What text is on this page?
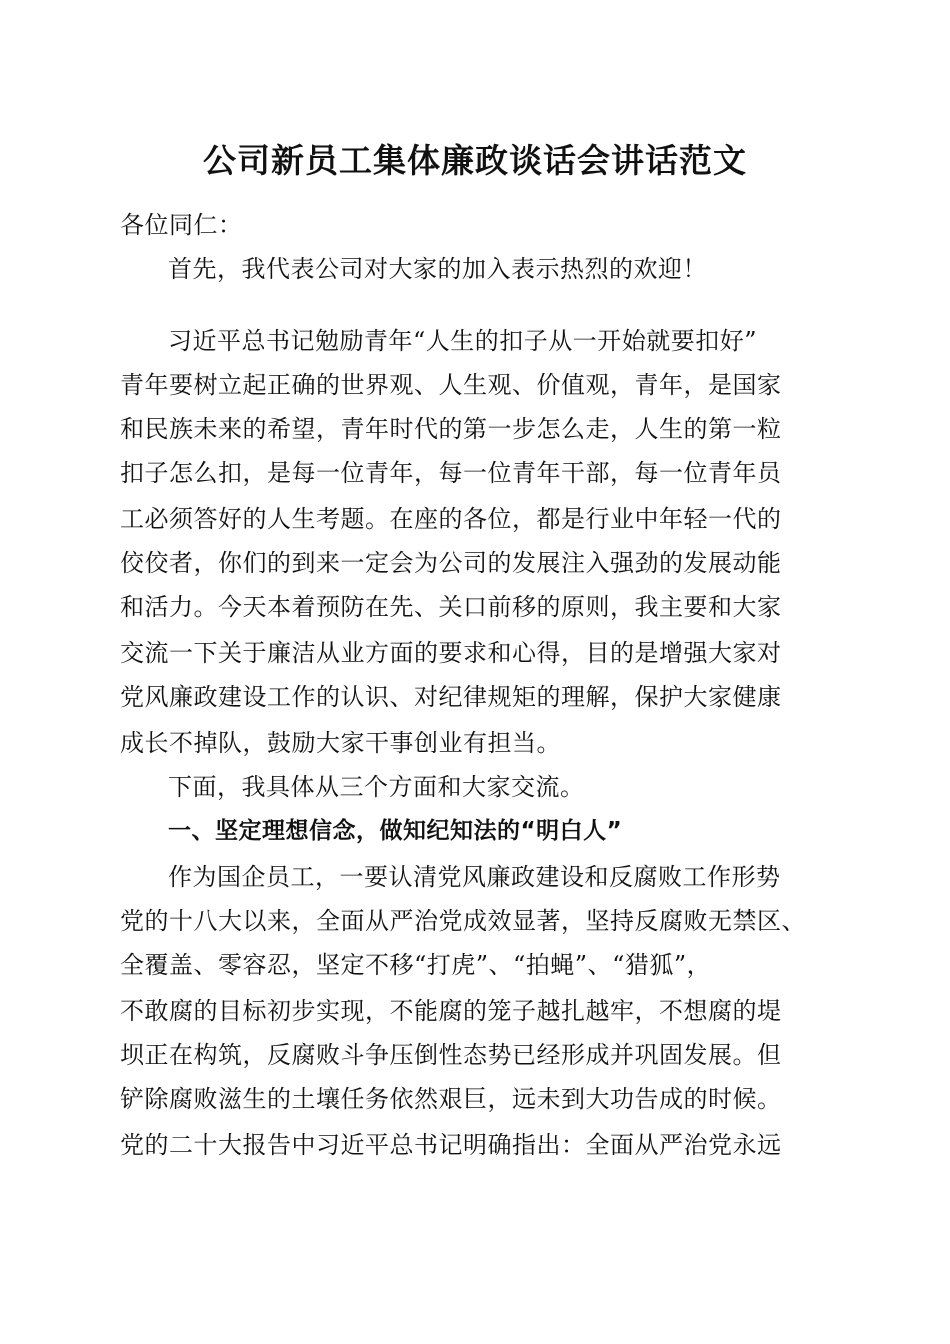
公司新员工集体廉政谈话会讲话范文

各位同仁：

首先，我代表公司对大家的加入表示热烈的欢迎！

习近平总书记勉励青年“人生的扣子从一开始就要扣好”

青年要树立起正确的世界观、人生观、价值观，青年，是国家

和民族未来的希望，青年时代的第一步怎么走，人生的第一粒

扣子怎么扣，是每一位青年，每一位青年干部，每一位青年员

工必须答好的人生考题。在座的各位，都是行业中年轻一代的

佼佼者，你们的到来一定会为公司的发展注入强劲的发展动能

和活力。今天本着预防在先、关口前移的原则，我主要和大家

交流一下关于廉洁从业方面的要求和心得，目的是增强大家对

党风廉政建设工作的认识、对纪律规矩的理解，保护大家健康

成长不掉队，鼓励大家干事创业有担当。

下面，我具体从三个方面和大家交流。

一、坚定理想信念，做知纪知法的“明白人”

作为国企员工，一要认清党风廉政建设和反腐败工作形势

党的十八大以来，全面从严治党成效显著，坚持反腐败无禁区、

全覆盖、零容忍，坚定不移“打虎”、“拍蝇”、“猎狐”，

不敢腐的目标初步实现，不能腐的笼子越扎越牢，不想腐的堤

坝正在构筑，反腐败斗争压倒性态势已经形成并巩固发展。但

铲除腐败滋生的土壤任务依然艰巨，远未到大功告成的时候。

党的二十大报告中习近平总书记明确指出：全面从严治党永远
